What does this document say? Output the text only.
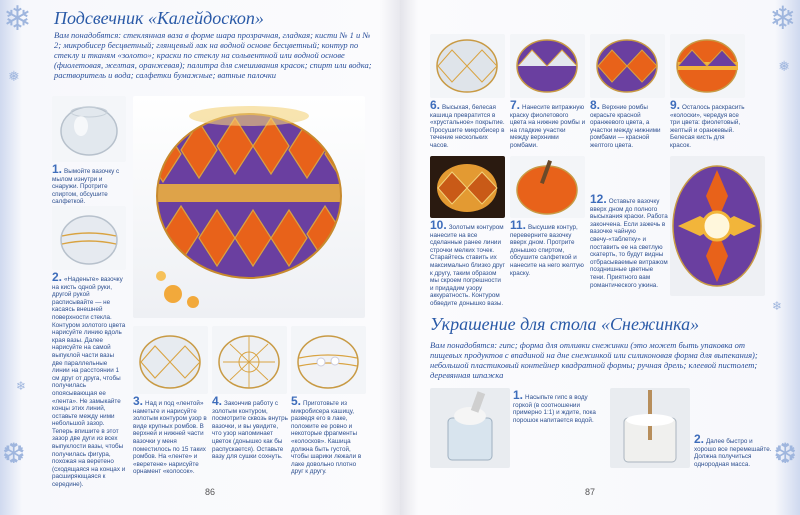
❄
❅
❆
❄
Подсвечник «Калейдоскоп»
Вам понадобятся: стеклянная ваза в форме шара прозрачная, гладкая; кисти № 1 и № 2; микробисер бесцветный; глянцевый лак на водной основе бесцветный; контур по стеклу и тканям «золото»; краски по стеклу на сольвентной или водной основе (фиолетовая, желтая, оранжевая); палитра для смешивания красок; спирт или водка; растворитель и вода; салфетки бумажные; ватные палочки
1. Вымойте вазочку с мылом изнутри и снаружи. Протрите спиртом, обсушите салфеткой.
2. «Наденьте» вазочку на кисть одной руки, другой рукой расписывайте — не касаясь внешней поверхности стекла. Контуром золотого цвета нарисуйте линию вдоль края вазы. Далее нарисуйте на самой выпуклой части вазы две параллельные линии на расстоянии 1 см друг от друга, чтобы получилась опоясывающая ее «лента». Не замыкайте концы этих линий, оставьте между ними небольшой зазор. Теперь впишите в этот зазор две дуги из всех выпуклости вазы, чтобы получилась фигура, похожая на веретено (сходящаяся на концах и расширяющаяся к середине).
3. Над и под «лентой» наметьте и нарисуйте золотым контуром узор в виде крупных ромбов. В верхней и нижней части вазочки у меня поместилось по 15 таких ромбов. На «ленте» и «веретене» нарисуйте орнамент «колосок».
4. Закончив работу с золотым контуром, посмотрите сквозь внутрь вазочки, и вы увидите, что узор напоминает цветок (донышко как бы распускается). Оставьте вазу для сушки сохнуть.
5. Приготовьте из микробисера кашицу, разведя его в лаке, положите ее ровно и некоторые фрагменты «колосков». Кашица должна быть густой, чтобы шарики лежали в лаке довольно плотно друг к другу.
86
❄
❅
❆
❄
6. Высыхая, белесая кашица превратится в «хрустальное» покрытие. Просушите микробисер в течение нескольких часов.
7. Нанесите витражную краску фиолетового цвета на нижние ромбы и на гладкие участки между верхними ромбами.
8. Верхние ромбы окрасьте красной оранжевого цвета, а участки между нижними ромбами — красной желтого цвета.
9. Осталось раскрасить «колоски», чередуя все три цвета: фиолетовый, желтый и оранжевый. Белесая кисть для красок.
10. Золотым контуром нанесите на все сделанные ранее линии строчки мелких точек. Старайтесь ставить их максимально близко друг к другу, таким образом мы скроем погрешности и придадим узору аккуратность. Контуром обведите донышко вазы.
11. Высушив контур, переверните вазочку вверх дном. Протрите донышко спиртом, обсушите салфеткой и нанесите на него желтую краску.
12. Оставьте вазочку вверх дном до полного высыхания краски. Работа закончена. Если зажечь в вазочке чайную свечу-«таблетку» и поставить ее на светлую скатерть, то будут видны отбрасываемые витражом позднишные цветные тени. Приятного вам романтического ужина.
Украшение для стола «Снежинка»
Вам понадобятся: гипс; форма для отливки снежинки (это может быть упаковка от пищевых продуктов с впадиной на дне снежинкой или силиконовая форма для выпекания); небольшой пластиковый контейнер квадратной формы; ручная дрель; клеевой пистолет; деревянная шпажка
1. Насыпьте гипс в воду горкой (в соотношении примерно 1:1) и ждите, пока порошок напитается водой.
2. Далее быстро и хорошо все перемешайте. Должна получиться однородная масса.
87
